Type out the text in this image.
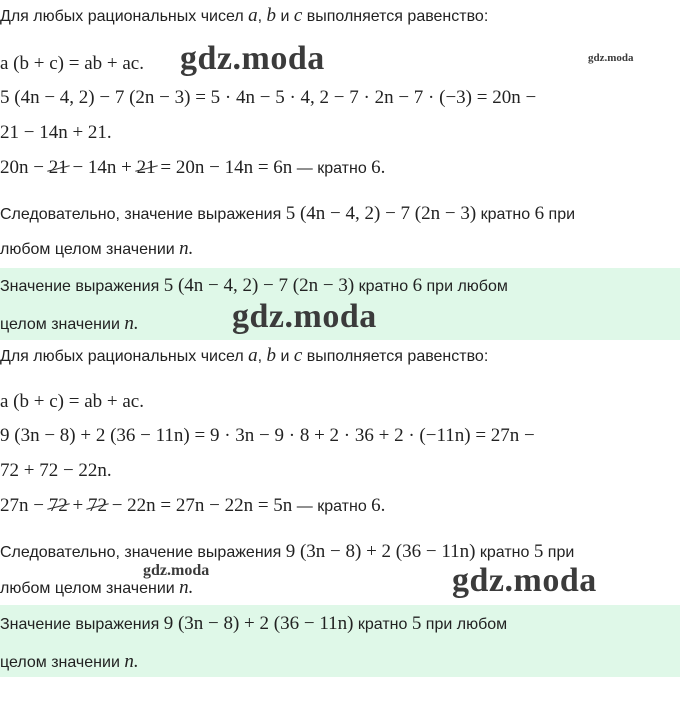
Для любых рациональных чисел a, b и c выполняется равенство:
a (b + c) = ab + ac. gdz.moda	gdz.moda
5 (4n − 4, 2) − 7 (2n − 3) = 5 · 4n − 5 · 4, 2 − 7 · 2n − 7 · (−3) = 20n −
21 − 14n + 21.
20n − 21 − 14n + 21 = 20n − 14n = 6n — кратно 6.
Следовательно, значение выражения 5 (4n − 4, 2) − 7 (2n − 3) кратно 6 при
любом целом значении n.
Значение выражения 5 (4n − 4, 2) − 7 (2n − 3) кратно 6 при любом
целом значении n.	gdz.moda
Для любых рациональных чисел a, b и c выполняется равенство:
a (b + c) = ab + ac.
9 (3n − 8) + 2 (36 − 11n) = 9 · 3n − 9 · 8 + 2 · 36 + 2 · (−11n) = 27n −
72 + 72 − 22n.
27n − 72 + 72 − 22n = 27n − 22n = 5n — кратно 6.
Следовательно, значение выражения 9 (3n − 8) + 2 (36 − 11n) кратно 5 при
gdz.moda
любом целом значении n.	gdz.moda
Значение выражения 9 (3n − 8) + 2 (36 − 11n) кратно 5 при любом
целом значении n.
